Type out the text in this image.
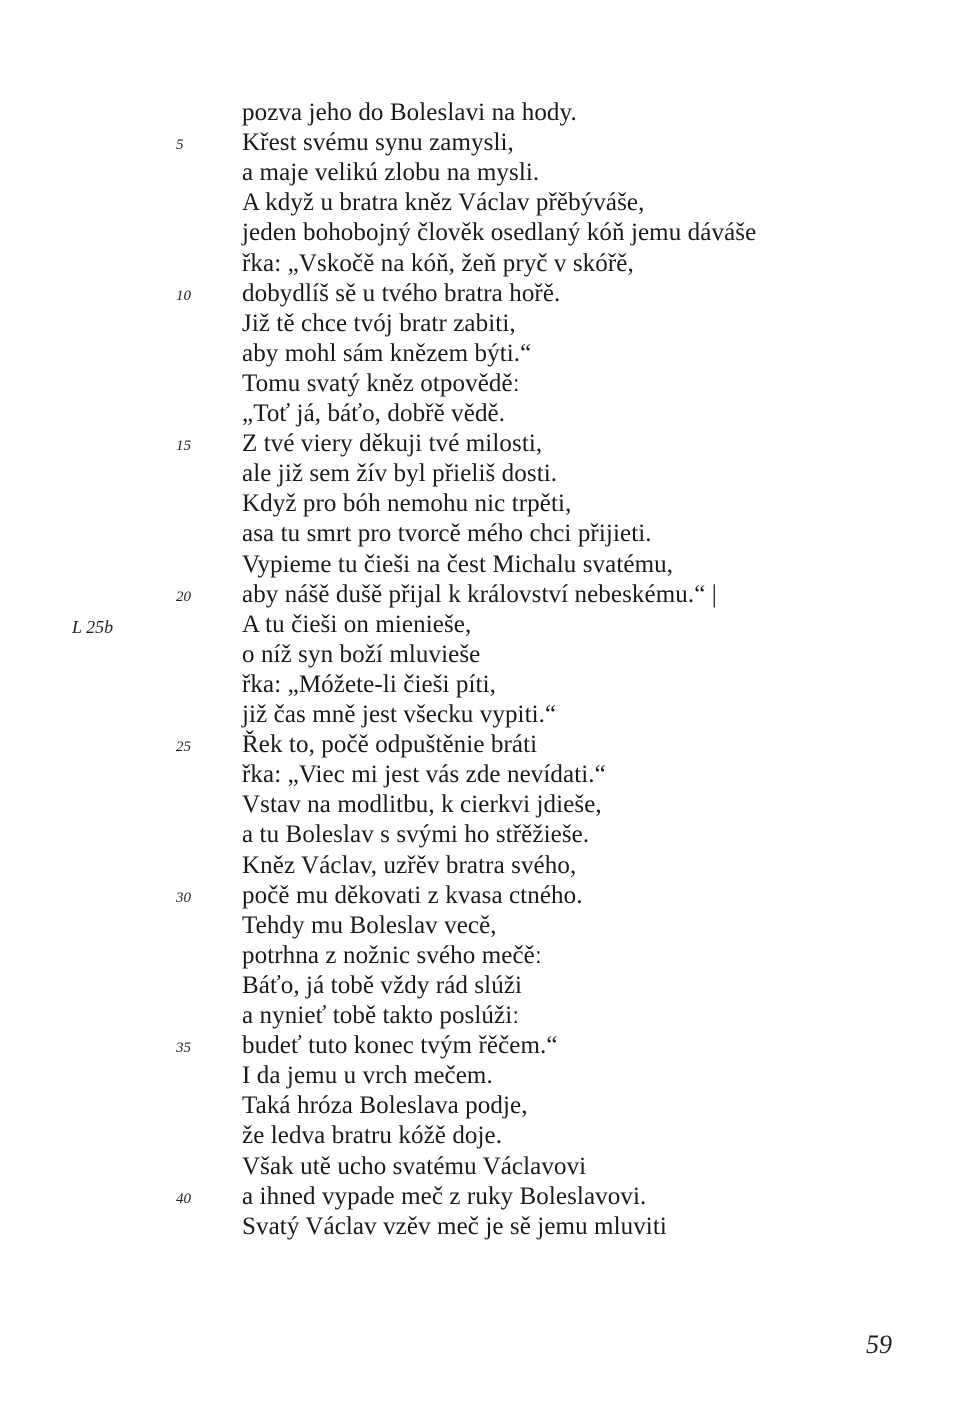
pozva jeho do Boleslavi na hody.
5 Křest svému synu zamysli,
a maje velikú zlobu na mysli.
A když u bratra kněz Václav přěbýváše,
jeden bohobojný člověk osedlaný kóň jemu dáváše
řka: „Vskočě na kóň, žeň pryč v skóřě,
10 dobydlíš sě u tvého bratra hořě.
Již tě chce tvój bratr zabiti,
aby mohl sám knězem býti.“
Tomu svatý kněz otpověděː
„Toť já, báťo, dobřě vědě.
15 Z tvé viery děkuji tvé milosti,
ale již sem žív byl přieliš dosti.
Když pro bóh nemohu nic trpěti,
asa tu smrt pro tvorcě mého chci přijieti.
Vypieme tu čieši na čest Michalu svatému,
20 aby nášě dušě přijal k království nebeskému.“ |
L 25b	A tu čieši on mieniešе,
o níž syn boží mluviešе
řka: „Móžete-li čieši píti,
již čas mně jest všecku vypiti.“
25 Řek to, počě odpuštěnie bráti
řka: „Viec mi jest vás zde nevídati.“
Vstav na modlitbu, k cierkvi jdiešе,
a tu Boleslav s svými ho střěžiešе.
Kněz Václav, uzřěv bratra svého,
30 počě mu děkovati z kvasa ctného.
Tehdy mu Boleslav vecě,
potrhna z nožnic svého mečěː
Báťo, já tobě vždy rád slúži
a nynieť tobě takto poslúžiː
35 budeť tuto konec tvým řěčem.“
I da jemu u vrch mečem.
Taká hróza Boleslava podje,
že ledva bratru kóžě doje.
Však utě ucho svatému Václavovi
40 a ihned vypade meč z ruky Boleslavovi.
Svatý Václav vzěv meč je sě jemu mluviti
59
